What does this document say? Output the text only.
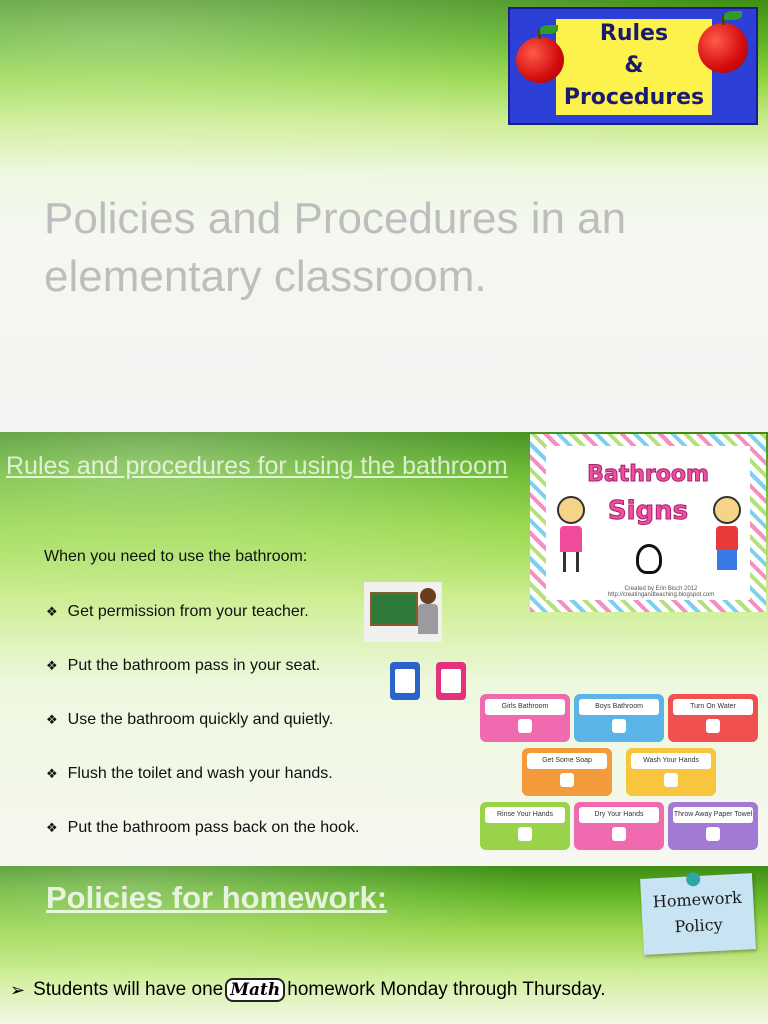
Rules
&
Procedures
Policies and Procedures in an elementary classroom.
Rules and procedures for using the bathroom	Bathroom
Signs
Created by Erin Bisch 2012 http://creatingandteaching.blogspot.com
When you need to use the bathroom:
❖ Get permission from your teacher.
❖ Put the bathroom pass in your seat.
❖ Use the bathroom quickly and quietly.
❖ Flush the toilet and wash your hands.
❖ Put the bathroom pass back on the hook.
Girls Bathroom	Boys Bathroom	Turn On Water
Get Some Soap	Wash Your Hands
Rinse Your Hands	Dry Your Hands	Throw Away Paper Towel
Policies for homework:	Homework
Policy
➢ Students will have one Math homework Monday through Thursday.
